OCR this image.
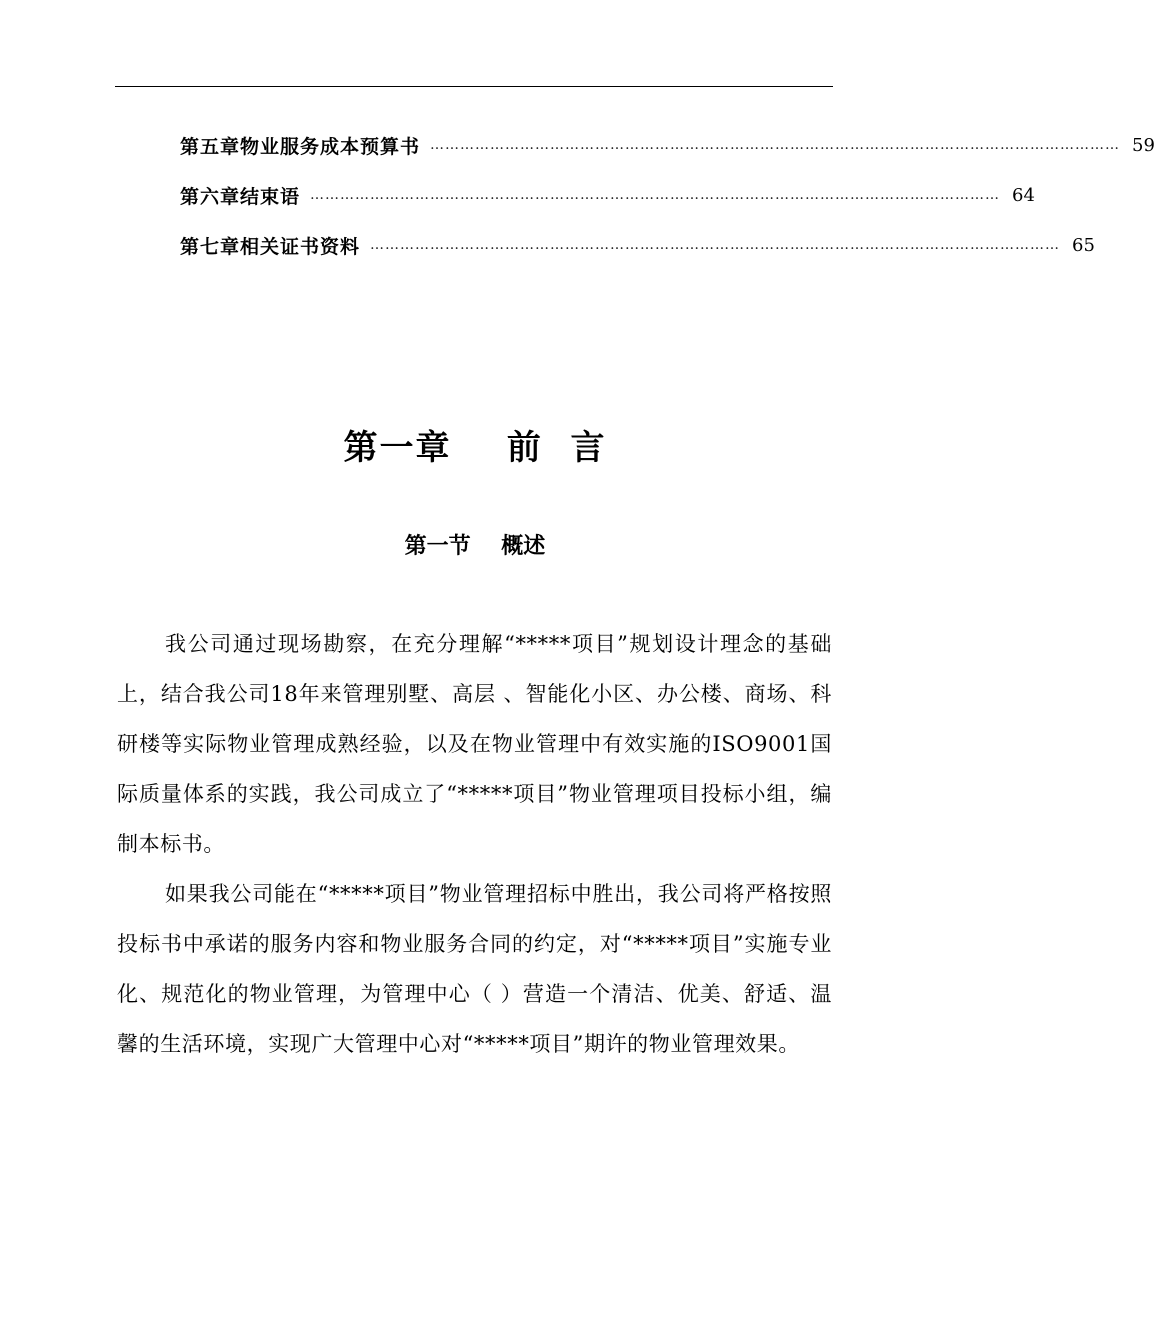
第五章 物业服务成本预算书 ………………………………………………………………………………………………………………………… 59
第六章 结束语 ………………………………………………………………………………………………………………………… 64
第七章 相关证书资料 ………………………………………………………………………………………………………………………… 65
第一章    前  言
第一节    概述

我公司通过现场勘察，在充分理解“*****项目”规划设计理念的基础上，结合我公司18年来管理别墅、高层 、智能化小区、办公楼、商场、科研楼等实际物业管理成熟经验，以及在物业管理中有效实施的ISO9001国际质量体系的实践，我公司成立了“*****项目”物业管理项目投标小组，编制本标书。

如果我公司能在“*****项目”物业管理招标中胜出，我公司将严格按照投标书中承诺的服务内容和物业服务合同的约定，对“*****项目”实施专业化、规范化的物业管理，为管理中心（ ）营造一个清洁、优美、舒适、温馨的生活环境，实现广大管理中心对“*****项目”期许的物业管理效果。
